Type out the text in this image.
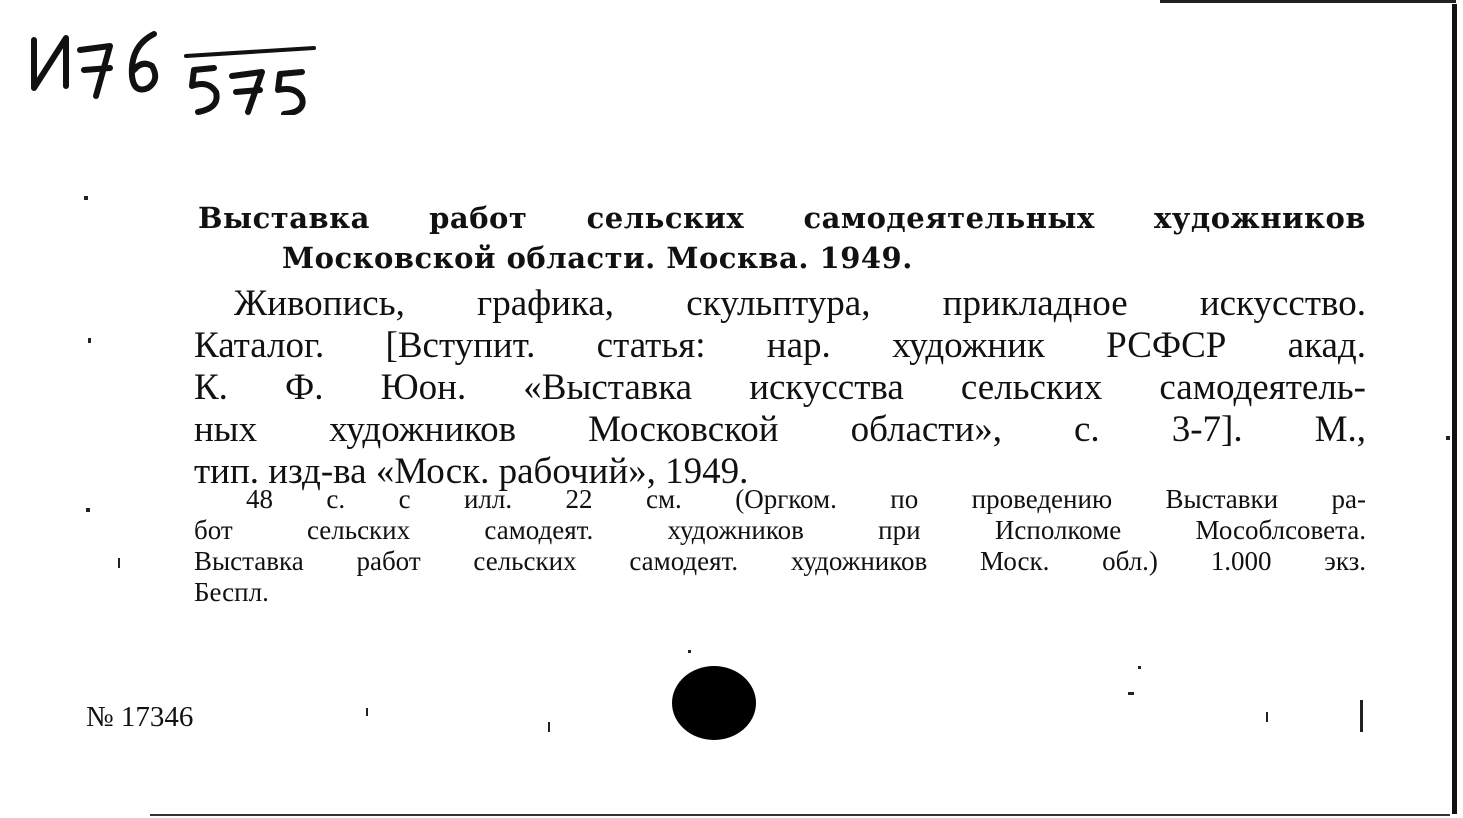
Выставка работ сельских самодеятельных художников
Московской области. Москва. 1949.
Живопись, графика, скульптура, прикладное искусство.
Каталог. [Вступит. статья: нар. художник РСФСР акад.
К. Ф. Юон. «Выставка искусства сельских самодеятель-
ных художников Московской области», с. 3-7]. М.,
тип. изд-ва «Моск. рабочий», 1949.
48 с. с илл. 22 см. (Оргком. по проведению Выставки ра-
бот сельских самодеят. художников при Исполкоме Мособлсовета.
Выставка работ сельских самодеят. художников Моск. обл.) 1.000 экз.
Беспл.
№ 17346
